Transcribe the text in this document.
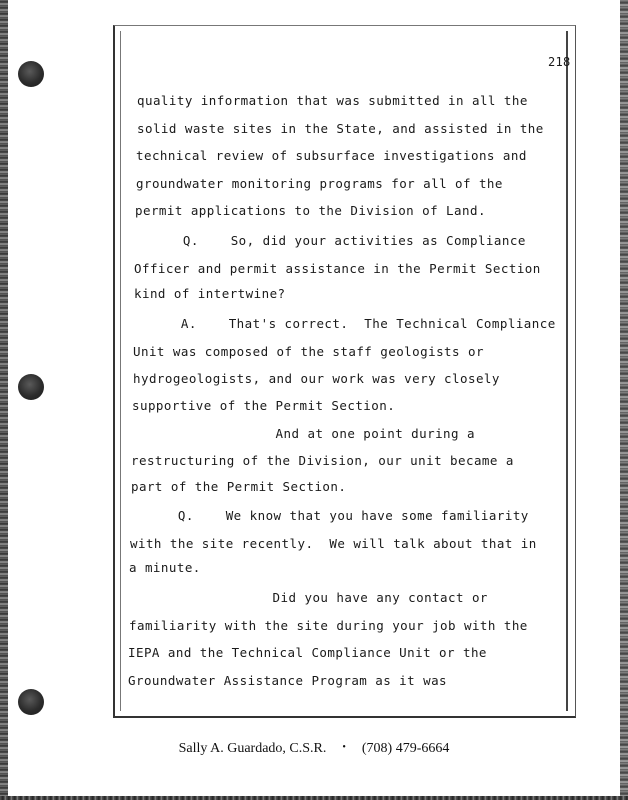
218
quality information that was submitted in all the
solid waste sites in the State, and assisted in the
technical review of subsurface investigations and
groundwater monitoring programs for all of the
permit applications to the Division of Land.
Q.    So, did your activities as Compliance
Officer and permit assistance in the Permit Section
kind of intertwine?
A.    That's correct.  The Technical Compliance
Unit was composed of the staff geologists or
hydrogeologists, and our work was very closely
supportive of the Permit Section.
And at one point during a
restructuring of the Division, our unit became a
part of the Permit Section.
Q.    We know that you have some familiarity
with the site recently.  We will talk about that in
a minute.
Did you have any contact or
familiarity with the site during your job with the
IEPA and the Technical Compliance Unit or the
Groundwater Assistance Program as it was
Sally A. Guardado, C.S.R. • (708) 479-6664
